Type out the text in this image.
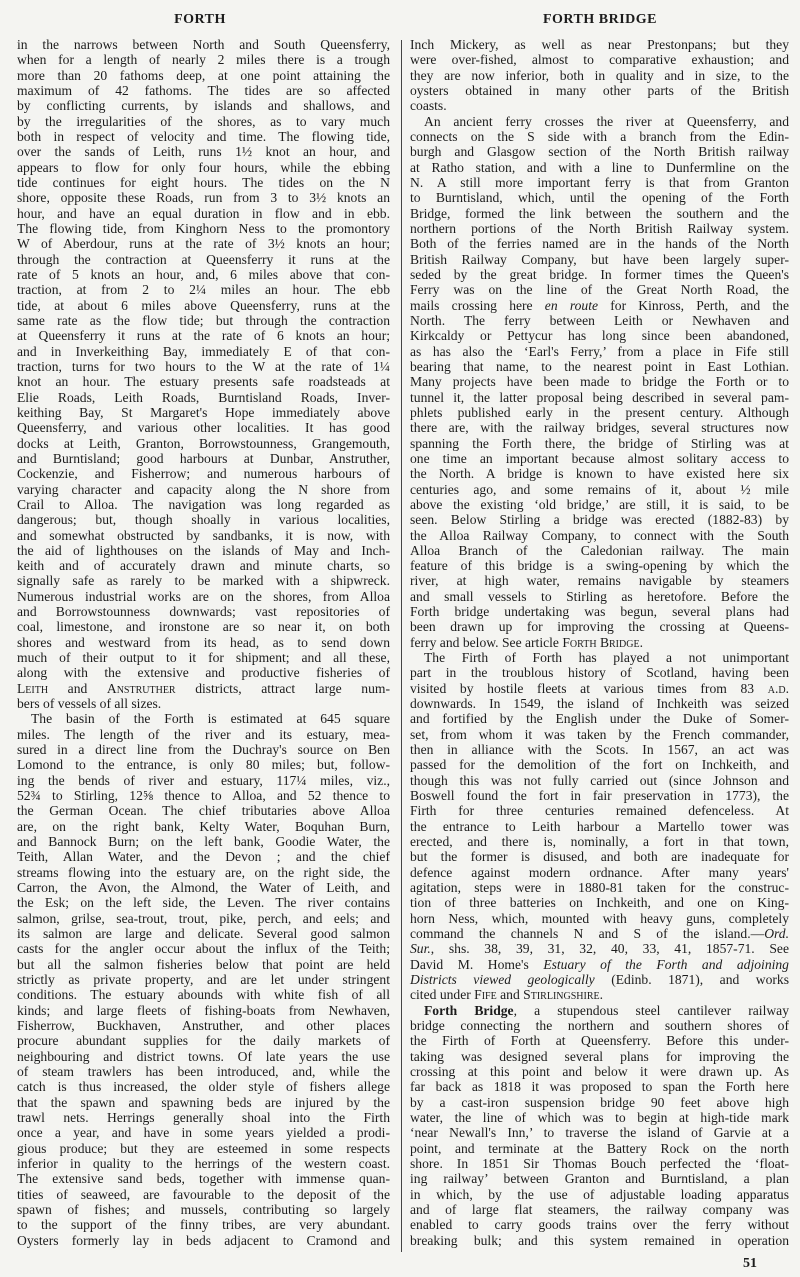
FORTH	FORTH BRIDGE
in the narrows between North and South Queensferry,
when for a length of nearly 2 miles there is a trough
more than 20 fathoms deep, at one point attaining the
maximum of 42 fathoms. The tides are so affected
by conflicting currents, by islands and shallows, and
by the irregularities of the shores, as to vary much
both in respect of velocity and time. The flowing tide,
over the sands of Leith, runs 1½ knot an hour, and
appears to flow for only four hours, while the ebbing
tide continues for eight hours. The tides on the N
shore, opposite these Roads, run from 3 to 3½ knots an
hour, and have an equal duration in flow and in ebb.
The flowing tide, from Kinghorn Ness to the promontory
W of Aberdour, runs at the rate of 3½ knots an hour;
through the contraction at Queensferry it runs at the
rate of 5 knots an hour, and, 6 miles above that con-
traction, at from 2 to 2¼ miles an hour. The ebb
tide, at about 6 miles above Queensferry, runs at the
same rate as the flow tide; but through the contraction
at Queensferry it runs at the rate of 6 knots an hour;
and in Inverkeithing Bay, immediately E of that con-
traction, turns for two hours to the W at the rate of 1¼
knot an hour. The estuary presents safe roadsteads at
Elie Roads, Leith Roads, Burntisland Roads, Inver-
keithing Bay, St Margaret's Hope immediately above
Queensferry, and various other localities. It has good
docks at Leith, Granton, Borrowstounness, Grangemouth,
and Burntisland; good harbours at Dunbar, Anstruther,
Cockenzie, and Fisherrow; and numerous harbours of
varying character and capacity along the N shore from
Crail to Alloa. The navigation was long regarded as
dangerous; but, though shoally in various localities,
and somewhat obstructed by sandbanks, it is now, with
the aid of lighthouses on the islands of May and Inch-
keith and of accurately drawn and minute charts, so
signally safe as rarely to be marked with a shipwreck.
Numerous industrial works are on the shores, from Alloa
and Borrowstounness downwards; vast repositories of
coal, limestone, and ironstone are so near it, on both
shores and westward from its head, as to send down
much of their output to it for shipment; and all these,
along with the extensive and productive fisheries of
Leith and Anstruther districts, attract large num-
bers of vessels of all sizes.
The basin of the Forth is estimated at 645 square
miles. The length of the river and its estuary, mea-
sured in a direct line from the Duchray's source on Ben
Lomond to the entrance, is only 80 miles; but, follow-
ing the bends of river and estuary, 117¼ miles, viz.,
52¾ to Stirling, 12⅝ thence to Alloa, and 52 thence to
the German Ocean. The chief tributaries above Alloa
are, on the right bank, Kelty Water, Boquhan Burn,
and Bannock Burn; on the left bank, Goodie Water, the
Teith, Allan Water, and the Devon ; and the chief
streams flowing into the estuary are, on the right side, the
Carron, the Avon, the Almond, the Water of Leith, and
the Esk; on the left side, the Leven. The river contains
salmon, grilse, sea-trout, trout, pike, perch, and eels; and
its salmon are large and delicate. Several good salmon
casts for the angler occur about the influx of the Teith;
but all the salmon fisheries below that point are held
strictly as private property, and are let under stringent
conditions. The estuary abounds with white fish of all
kinds; and large fleets of fishing-boats from Newhaven,
Fisherrow, Buckhaven, Anstruther, and other places
procure abundant supplies for the daily markets of
neighbouring and district towns. Of late years the use
of steam trawlers has been introduced, and, while the
catch is thus increased, the older style of fishers allege
that the spawn and spawning beds are injured by the
trawl nets. Herrings generally shoal into the Firth
once a year, and have in some years yielded a prodi-
gious produce; but they are esteemed in some respects
inferior in quality to the herrings of the western coast.
The extensive sand beds, together with immense quan-
tities of seaweed, are favourable to the deposit of the
spawn of fishes; and mussels, contributing so largely
to the support of the finny tribes, are very abundant.
Oysters formerly lay in beds adjacent to Cramond and
Inch Mickery, as well as near Prestonpans; but they
were over-fished, almost to comparative exhaustion; and
they are now inferior, both in quality and in size, to the
oysters obtained in many other parts of the British
coasts.
An ancient ferry crosses the river at Queensferry, and
connects on the S side with a branch from the Edin-
burgh and Glasgow section of the North British railway
at Ratho station, and with a line to Dunfermline on the
N. A still more important ferry is that from Granton
to Burntisland, which, until the opening of the Forth
Bridge, formed the link between the southern and the
northern portions of the North British Railway system.
Both of the ferries named are in the hands of the North
British Railway Company, but have been largely super-
seded by the great bridge. In former times the Queen's
Ferry was on the line of the Great North Road, the
mails crossing here en route for Kinross, Perth, and the
North. The ferry between Leith or Newhaven and
Kirkcaldy or Pettycur has long since been abandoned,
as has also the ‘Earl's Ferry,’ from a place in Fife still
bearing that name, to the nearest point in East Lothian.
Many projects have been made to bridge the Forth or to
tunnel it, the latter proposal being described in several pam-
phlets published early in the present century. Although
there are, with the railway bridges, several structures now
spanning the Forth there, the bridge of Stirling was at
one time an important because almost solitary access to
the North. A bridge is known to have existed here six
centuries ago, and some remains of it, about ½ mile
above the existing ‘old bridge,’ are still, it is said, to be
seen. Below Stirling a bridge was erected (1882-83) by
the Alloa Railway Company, to connect with the South
Alloa Branch of the Caledonian railway. The main
feature of this bridge is a swing-opening by which the
river, at high water, remains navigable by steamers
and small vessels to Stirling as heretofore. Before the
Forth bridge undertaking was begun, several plans had
been drawn up for improving the crossing at Queens-
ferry and below. See article Forth Bridge.
The Firth of Forth has played a not unimportant
part in the troublous history of Scotland, having been
visited by hostile fleets at various times from 83 a.d.
downwards. In 1549, the island of Inchkeith was seized
and fortified by the English under the Duke of Somer-
set, from whom it was taken by the French commander,
then in alliance with the Scots. In 1567, an act was
passed for the demolition of the fort on Inchkeith, and
though this was not fully carried out (since Johnson and
Boswell found the fort in fair preservation in 1773), the
Firth for three centuries remained defenceless. At
the entrance to Leith harbour a Martello tower was
erected, and there is, nominally, a fort in that town,
but the former is disused, and both are inadequate for
defence against modern ordnance. After many years'
agitation, steps were in 1880-81 taken for the construc-
tion of three batteries on Inchkeith, and one on King-
horn Ness, which, mounted with heavy guns, completely
command the channels N and S of the island.—Ord.
Sur., shs. 38, 39, 31, 32, 40, 33, 41, 1857-71. See
David M. Home's Estuary of the Forth and adjoining
Districts viewed geologically (Edinb. 1871), and works
cited under Fife and Stirlingshire.
Forth Bridge, a stupendous steel cantilever railway
bridge connecting the northern and southern shores of
the Firth of Forth at Queensferry. Before this under-
taking was designed several plans for improving the
crossing at this point and below it were drawn up. As
far back as 1818 it was proposed to span the Forth here
by a cast-iron suspension bridge 90 feet above high
water, the line of which was to begin at high-tide mark
‘near Newall's Inn,’ to traverse the island of Garvie at a
point, and terminate at the Battery Rock on the north
shore. In 1851 Sir Thomas Bouch perfected the ‘float-
ing railway’ between Granton and Burntisland, a plan
in which, by the use of adjustable loading apparatus
and of large flat steamers, the railway company was
enabled to carry goods trains over the ferry without
breaking bulk; and this system remained in operation
51
